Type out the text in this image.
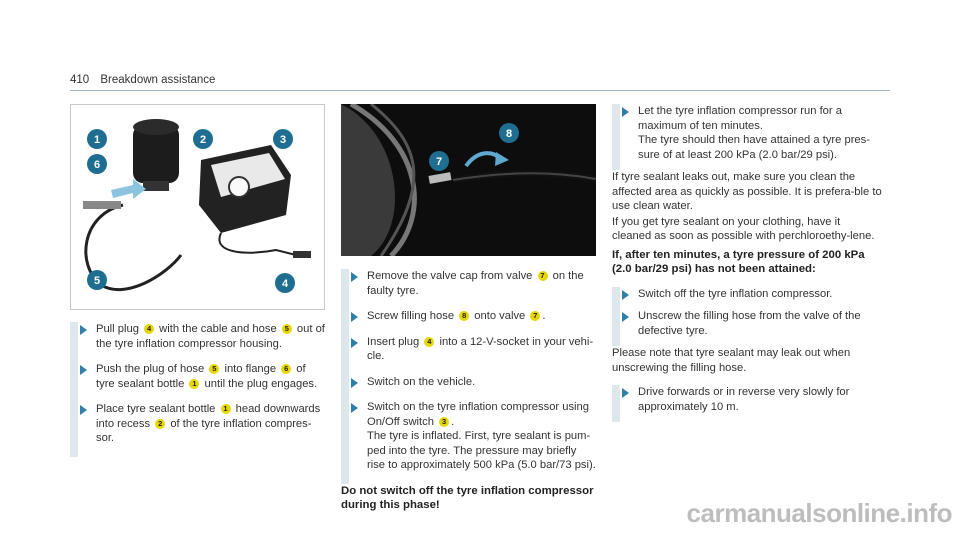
410 Breakdown assistance
1	2	3
6
5	4
Pull plug 4 with the cable and hose 5 out of the tyre inflation compressor housing.
Push the plug of hose 5 into flange 6 of tyre sealant bottle 1 until the plug engages.
Place tyre sealant bottle 1 head downwards into recess 2 of the tyre inflation compres-sor.
7
8
Remove the valve cap from valve 7 on the faulty tyre.
Screw filling hose 8 onto valve 7 .
Insert plug 4 into a 12-V-socket in your vehi-cle.
Switch on the vehicle.
Switch on the tyre inflation compressor using On/Off switch 3 .
The tyre is inflated. First, tyre sealant is pum-ped into the tyre. The pressure may briefly rise to approximately 500 kPa (5.0 bar/73 psi).
Do not switch off the tyre inflation compressor
during this phase!
Let the tyre inflation compressor run for a maximum of ten minutes.
The tyre should then have attained a tyre pres-sure of at least 200 kPa (2.0 bar/29 psi).

If tyre sealant leaks out, make sure you clean the affected area as quickly as possible. It is prefera-ble to use clean water.

If you get tyre sealant on your clothing, have it cleaned as soon as possible with perchloroethy-lene.

If, after ten minutes, a tyre pressure of 200 kPa
(2.0 bar/29 psi) has not been attained:
Switch off the tyre inflation compressor.
Unscrew the filling hose from the valve of the defective tyre.

Please note that tyre sealant may leak out when unscrewing the filling hose.

Drive forwards or in reverse very slowly for approximately 10 m.
carmanualsonline.info
